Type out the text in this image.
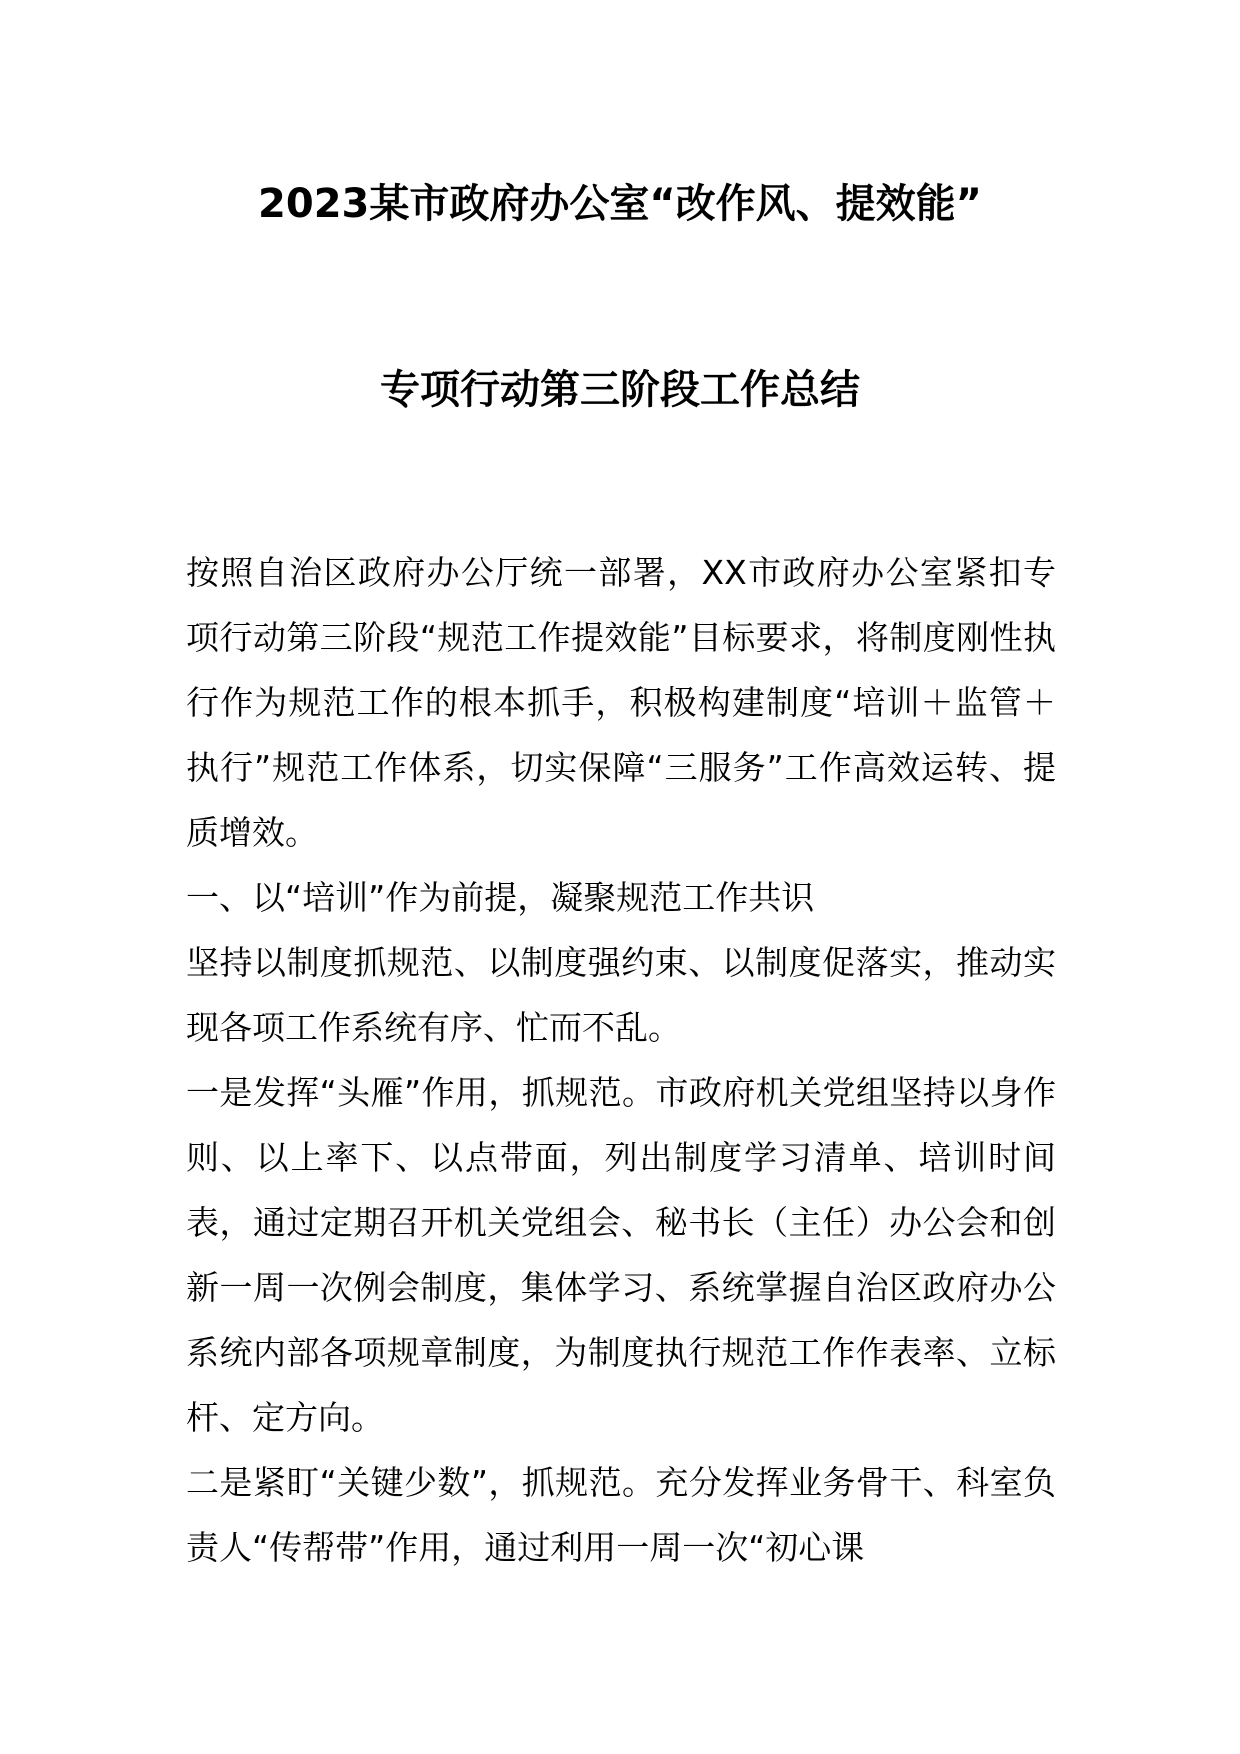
2023某市政府办公室“改作风、提效能”
专项行动第三阶段工作总结

按照自治区政府办公厅统一部署，XX市政府办公室紧扣专项行动第三阶段“规范工作提效能”目标要求，将制度刚性执行作为规范工作的根本抓手，积极构建制度“培训＋监管＋执行”规范工作体系，切实保障“三服务”工作高效运转、提质增效。

一、以“培训”作为前提，凝聚规范工作共识

坚持以制度抓规范、以制度强约束、以制度促落实，推动实现各项工作系统有序、忙而不乱。

一是发挥“头雁”作用，抓规范。市政府机关党组坚持以身作则、以上率下、以点带面，列出制度学习清单、培训时间表，通过定期召开机关党组会、秘书长（主任）办公会和创新一周一次例会制度，集体学习、系统掌握自治区政府办公系统内部各项规章制度，为制度执行规范工作作表率、立标杆、定方向。

二是紧盯“关键少数”，抓规范。充分发挥业务骨干、科室负责人“传帮带”作用，通过利用一周一次“初心课
